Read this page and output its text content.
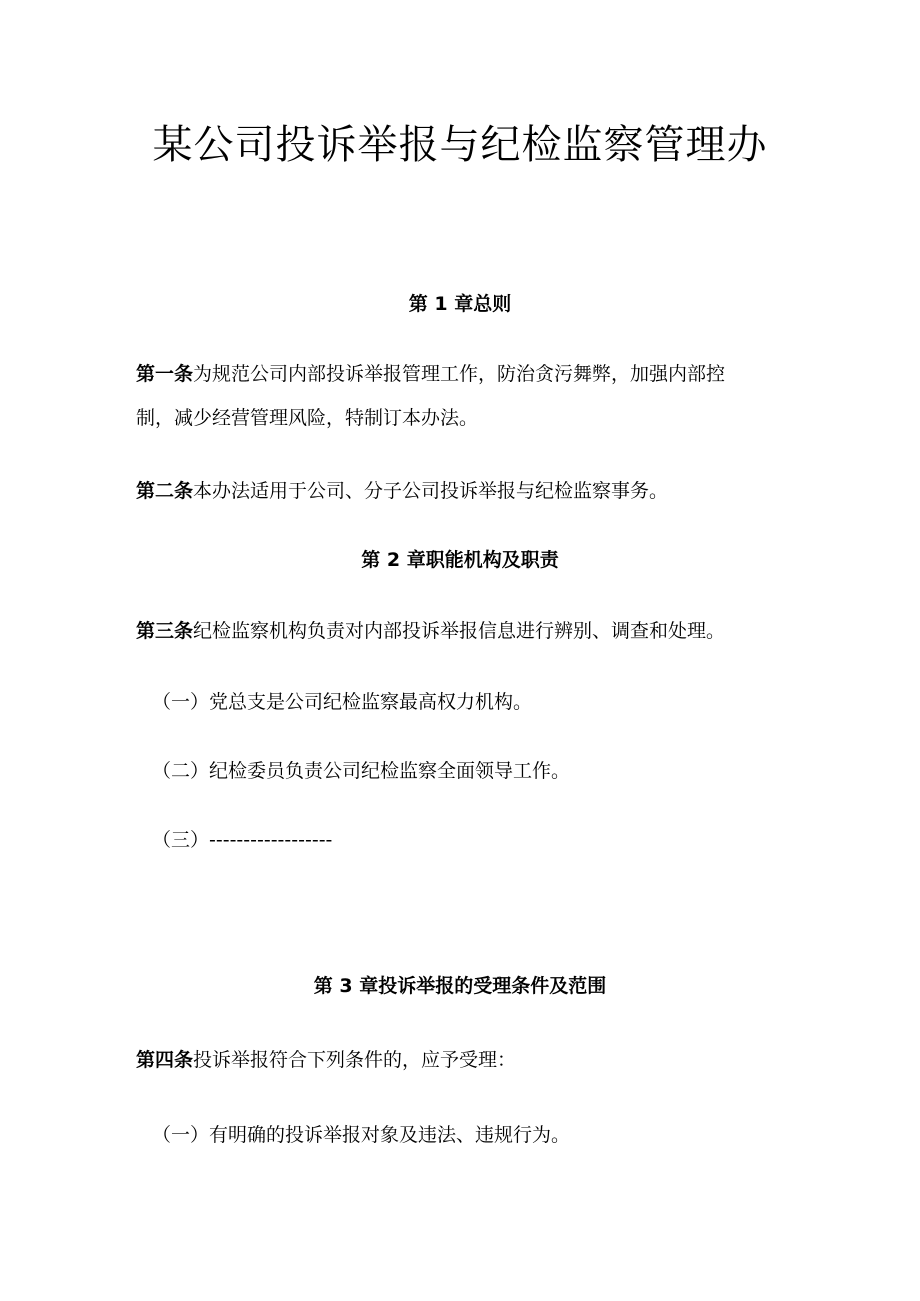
某公司投诉举报与纪检监察管理办
第 1 章总则
第一条为规范公司内部投诉举报管理工作，防治贪污舞弊，加强内部控
制，减少经营管理风险，特制订本办法。
第二条本办法适用于公司、分子公司投诉举报与纪检监察事务。
第 2 章职能机构及职责
第三条纪检监察机构负责对内部投诉举报信息进行辨别、调查和处理。
（一）党总支是公司纪检监察最高权力机构。
（二）纪检委员负责公司纪检监察全面领导工作。
（三）------------------
第 3 章投诉举报的受理条件及范围
第四条投诉举报符合下列条件的，应予受理：
（一）有明确的投诉举报对象及违法、违规行为。
